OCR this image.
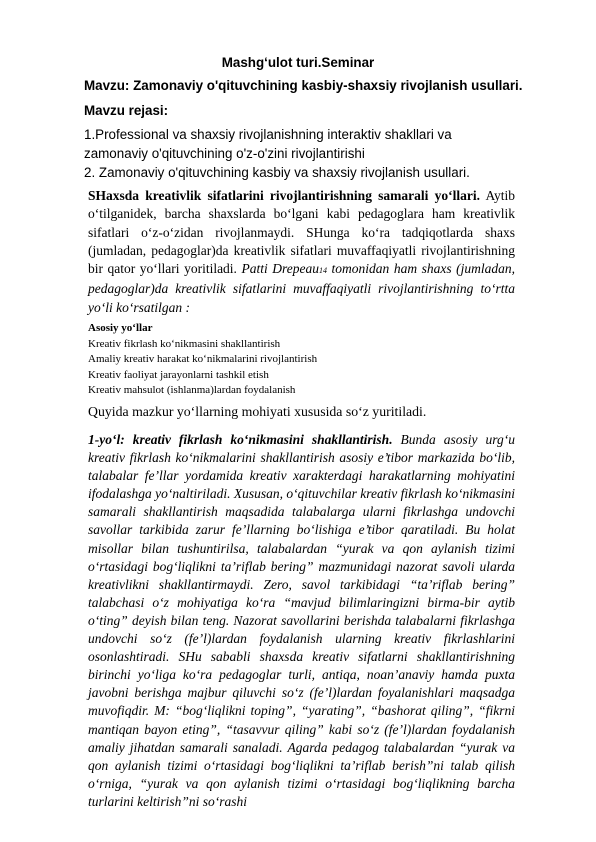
Mashg‘ulot turi.Seminar
Mavzu: Zamonaviy o'qituvchining kasbiy-shaxsiy rivojlanish usullari.
Mavzu rejasi:
1.Professional va shaxsiy rivojlanishning interaktiv shakllari va zamonaviy o'qituvchining o'z-o'zini rivojlantirishi
2. Zamonaviy o'qituvchining kasbiy va shaxsiy rivojlanish usullari.
SHaxsda kreativlik sifatlarini rivojlantirishning samarali yo‘llari. Aytib o‘tilganidek, barcha shaxslarda bo‘lgani kabi pedagoglara ham kreativlik sifatlari o‘z-o‘zidan rivojlanmaydi. SHunga ko‘ra tadqiqotlarda shaxs (jumladan, pedagoglar)da kreativlik sifatlari muvaffaqiyatli rivojlantirishning bir qator yo‘llari yoritiladi. Patti Drepeau14 tomonidan ham shaxs (jumladan, pedagoglar)da kreativlik sifatlarini muvaffaqiyatli rivojlantirishning to‘rtta yo‘li ko‘rsatilgan :
Asosiy yo‘llar
Kreativ fikrlash ko‘nikmasini shakllantirish
Amaliy kreativ harakat ko‘nikmalarini rivojlantirish
Kreativ faoliyat jarayonlarni tashkil etish
Kreativ mahsulot (ishlanma)lardan foydalanish
Quyida mazkur yo‘llarning mohiyati xususida so‘z yuritiladi.
1-yo‘l: kreativ fikrlash ko‘nikmasini shakllantirish. Bunda asosiy urg‘u kreativ fikrlash ko‘nikmalarini shakllantirish asosiy e’tibor markazida bo‘lib, talabalar fe’llar yordamida kreativ xarakterdagi harakatlarning mohiyatini ifodalashga yo‘naltiriladi. Xususan, o‘qituvchilar kreativ fikrlash ko‘nikmasini samarali shakllantirish maqsadida talabalarga ularni fikrlashga undovchi savollar tarkibida zarur fe’llarning bo‘lishiga e’tibor qaratiladi. Bu holat misollar bilan tushuntirilsa, talabalardan “yurak va qon aylanish tizimi o‘rtasidagi bog‘liqlikni ta’riflab bering” mazmunidagi nazorat savoli ularda kreativlikni shakllantirmaydi. Zero, savol tarkibidagi “ta’riflab bering” talabchasi o‘z mohiyatiga ko‘ra “mavjud bilimlaringizni birma-bir aytib o‘ting” deyish bilan teng. Nazorat savollarini berishda talabalarni fikrlashga undovchi so‘z (fe’l)lardan foydalanish ularning kreativ fikrlashlarini osonlashtiradi. SHu sababli shaxsda kreativ sifatlarni shakllantirishning birinchi yo‘liga ko‘ra pedagoglar turli, antiqa, noan’anaviy hamda puxta javobni berishga majbur qiluvchi so‘z (fe’l)lardan foyalanishlari maqsadga muvofiqdir. M: “bog‘liqlikni toping”, “yarating”, “bashorat qiling”, “fikrni mantiqan bayon eting”, “tasavvur qiling” kabi so‘z (fe’l)lardan foydalanish amaliy jihatdan samarali sanaladi. Agarda pedagog talabalardan “yurak va qon aylanish tizimi o‘rtasidagi bog‘liqlikni ta’riflab berish”ni talab qilish o‘rniga, “yurak va qon aylanish tizimi o‘rtasidagi bog‘liqlikning barcha turlarini keltirish”ni so‘rashi
